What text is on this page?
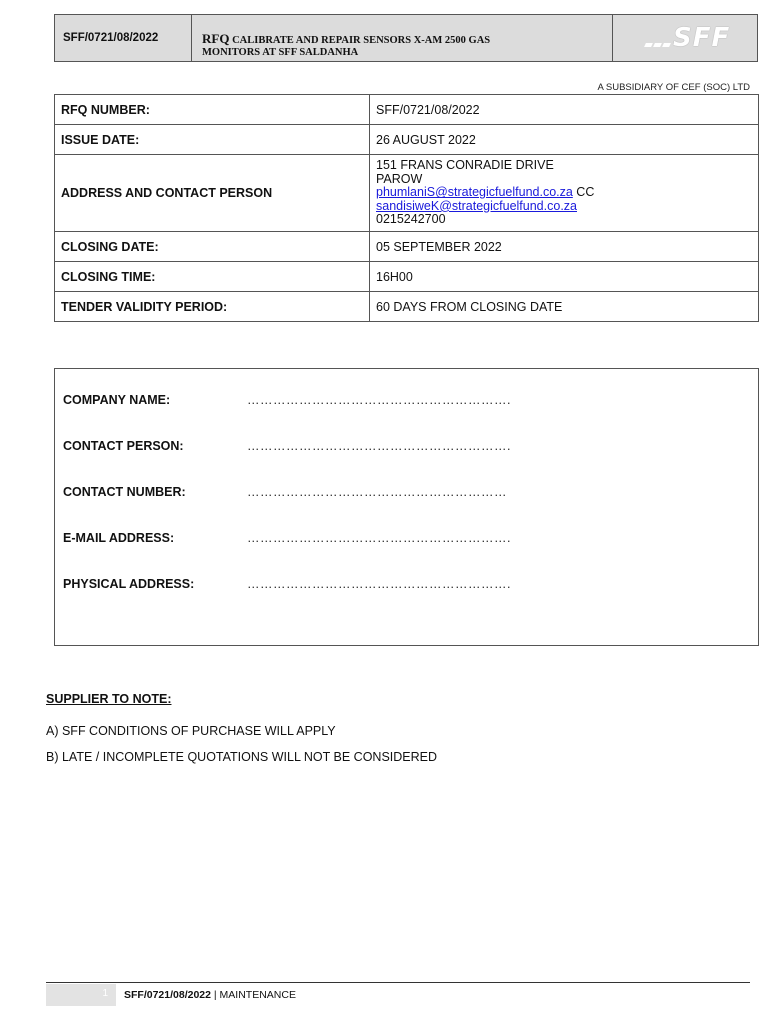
SFF/0721/08/2022	RFQ CALIBRATE AND REPAIR SENSORS X-AM 2500 GAS
MONITORS AT SFF SALDANHA	SFF
A SUBSIDIARY OF CEF (SOC) LTD
RFQ NUMBER:	SFF/0721/08/2022
ISSUE DATE:	26 AUGUST 2022
ADDRESS AND CONTACT PERSON	151 FRANS CONRADIE DRIVE
PAROW
phumlaniS@strategicfuelfund.co.za CC
sandisiweK@strategicfuelfund.co.za
0215242700

CLOSING DATE:	05 SEPTEMBER 2022
CLOSING TIME:	16H00
TENDER VALIDITY PERIOD:	60 DAYS FROM CLOSING DATE
COMPANY NAME:	…………………………………………………….
CONTACT PERSON:	…………………………………………………….
CONTACT NUMBER:	……………………………………………………
E-MAIL ADDRESS:	…………………………………………………….
PHYSICAL ADDRESS:	…………………………………………………….
SUPPLIER TO NOTE:
A) SFF CONDITIONS OF PURCHASE WILL APPLY
B) LATE / INCOMPLETE QUOTATIONS WILL NOT BE CONSIDERED
1	SFF/0721/08/2022 | MAINTENANCE
